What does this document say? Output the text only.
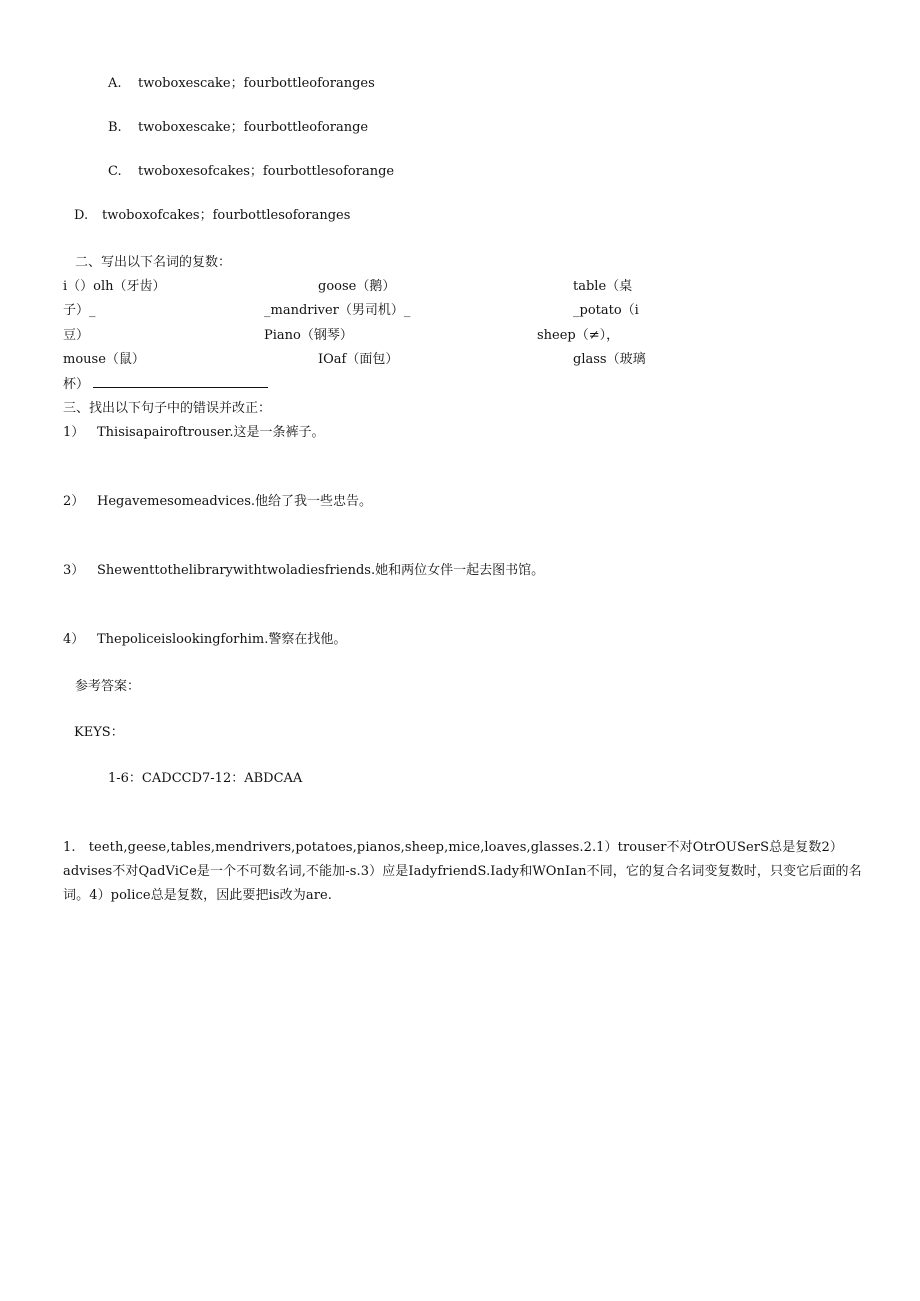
A. twoboxescake；fourbottleoforanges
B. twoboxescake；fourbottleoforange
C. twoboxesofcakes；fourbottlesoforange
D. twoboxofcakes；fourbottlesoforanges
二、写出以下名词的复数：
i（）olh（牙齿）	goose（鹅）	table（桌
子）_	_mandriver（男司机）_	_potato（i
豆）	Piano（钢琴）	sheep（≠），
mouse（鼠）	IOaf（面包）	glass（玻璃
杯）
三、找出以下句子中的错误并改正：
1） Thisisapairoftrouser.这是一条裤子。
2） Hegavemesomeadvices.他给了我一些忠告。
3） Shewenttothelibrarywithtwoladiesfriends.她和两位女伴一起去图书馆。
4） Thepoliceislookingforhim.警察在找他。
参考答案：
KEYS：
1-6：CADCCD7-12：ABDCAA
1.　teeth,geese,tables,mendrivers,potatoes,pianos,sheep,mice,loaves,glasses.2.1）trouser不对OtrOUSerS总是复数2）advises不对QadViCe是一个不可数名词,不能加-s.3）应是IadyfriendS.Iady和WOnIan不同，它的复合名词变复数时，只变它后面的名词。4）police总是复数，因此要把is改为are.
